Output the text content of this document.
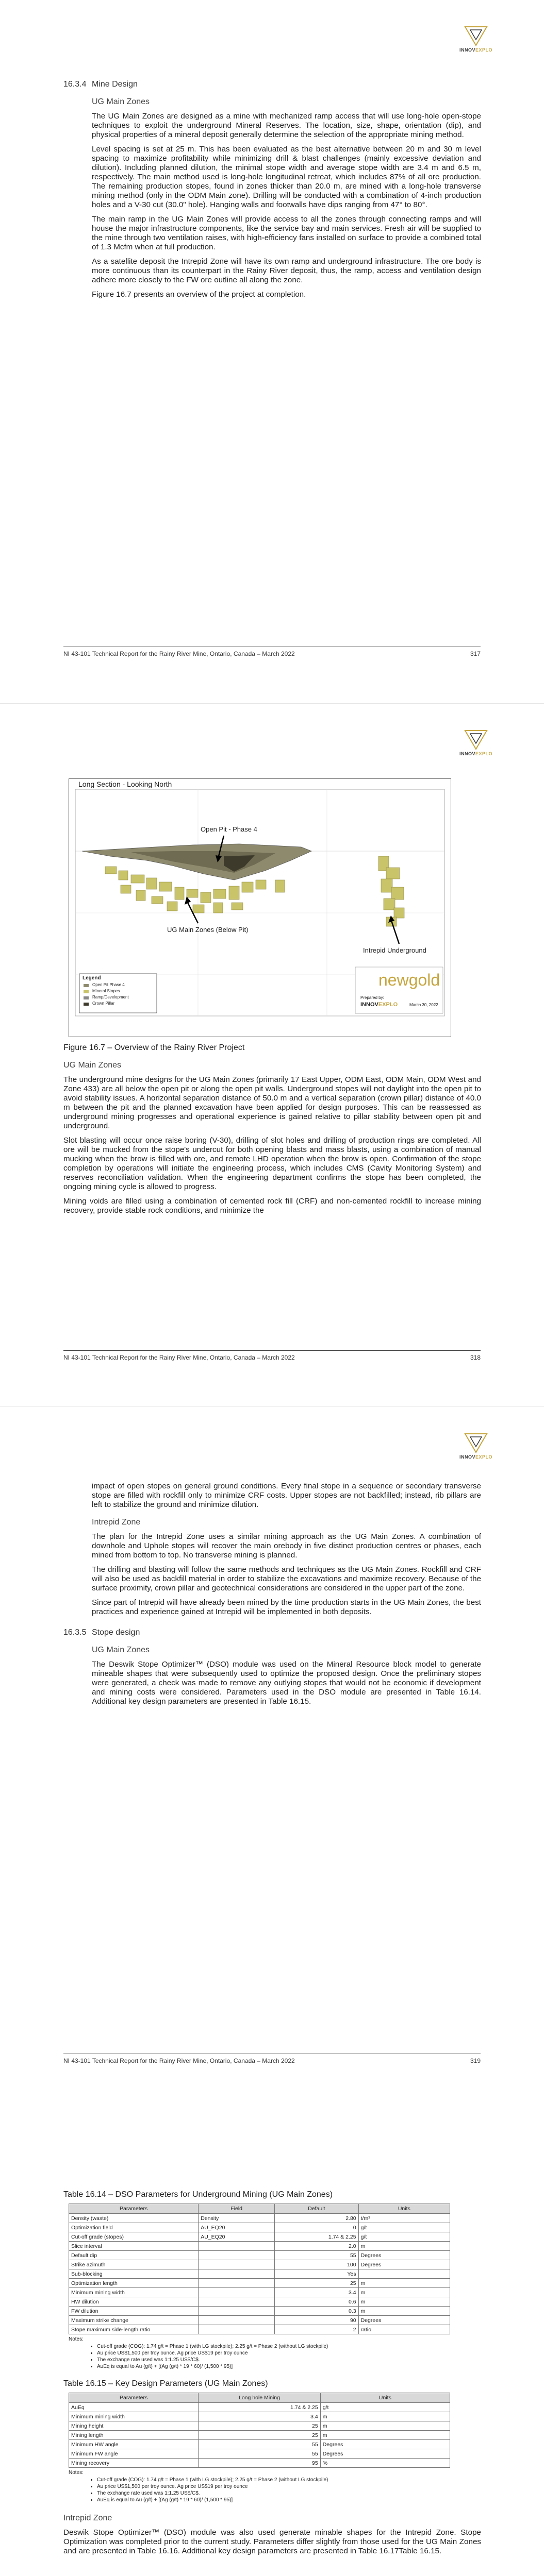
INNOVEXPLO
16.3.4 Mine Design
UG Main Zones

The UG Main Zones are designed as a mine with mechanized ramp access that will use long-hole open-stope techniques to exploit the underground Mineral Reserves. The location, size, shape, orientation (dip), and physical properties of a mineral deposit generally determine the selection of the appropriate mining method.

Level spacing is set at 25 m. This has been evaluated as the best alternative between 20 m and 30 m level spacing to maximize profitability while minimizing drill & blast challenges (mainly excessive deviation and dilution). Including planned dilution, the minimal stope width and average stope width are 3.4 m and 6.5 m, respectively. The main method used is long-hole longitudinal retreat, which includes 87% of all ore production. The remaining production stopes, found in zones thicker than 20.0 m, are mined with a long-hole transverse mining method (only in the ODM Main zone). Drilling will be conducted with a combination of 4-inch production holes and a V-30 cut (30.0" hole). Hanging walls and footwalls have dips ranging from 47° to 80°.

The main ramp in the UG Main Zones will provide access to all the zones through connecting ramps and will house the major infrastructure components, like the service bay and main services. Fresh air will be supplied to the mine through two ventilation raises, with high-efficiency fans installed on surface to provide a combined total of 1.3 Mcfm when at full production.

As a satellite deposit the Intrepid Zone will have its own ramp and underground infrastructure. The ore body is more continuous than its counterpart in the Rainy River deposit, thus, the ramp, access and ventilation design adhere more closely to the FW ore outline all along the zone.

Figure 16.7 presents an overview of the project at completion.

NI 43-101 Technical Report for the Rainy River Mine, Ontario, Canada – March 2022	317
INNOVEXPLO
Long Section - Looking North
Open Pit - Phase 4
UG Main Zones (Below Pit)
Intrepid Underground
Legend
Open Pit Phase 4
Mineral Stopes
Ramp/Development
Crown Pillar
newgold
Prepared by:
INNOVEXPLO	March 30, 2022
Figure 16.7 – Overview of the Rainy River Project
UG Main Zones

The underground mine designs for the UG Main Zones (primarily 17 East Upper, ODM East, ODM Main, ODM West and Zone 433) are all below the open pit or along the open pit walls. Underground stopes will not daylight into the open pit to avoid stability issues. A horizontal separation distance of 50.0 m and a vertical separation (crown pillar) distance of 40.0 m between the pit and the planned excavation have been applied for design purposes. This can be reassessed as underground mining progresses and operational experience is gained relative to pillar stability between open pit and underground.

Slot blasting will occur once raise boring (V-30), drilling of slot holes and drilling of production rings are completed. All ore will be mucked from the stope's undercut for both opening blasts and mass blasts, using a combination of manual mucking when the brow is filled with ore, and remote LHD operation when the brow is open. Confirmation of the stope completion by operations will initiate the engineering process, which includes CMS (Cavity Monitoring System) and reserves reconciliation validation. When the engineering department confirms the stope has been completed, the ongoing mining cycle is allowed to progress.

Mining voids are filled using a combination of cemented rock fill (CRF) and non-cemented rockfill to increase mining recovery, provide stable rock conditions, and minimize the

NI 43-101 Technical Report for the Rainy River Mine, Ontario, Canada – March 2022	318
INNOVEXPLO

impact of open stopes on general ground conditions. Every final stope in a sequence or secondary transverse stope are filled with rockfill only to minimize CRF costs. Upper stopes are not backfilled; instead, rib pillars are left to stabilize the ground and minimize dilution.

Intrepid Zone

The plan for the Intrepid Zone uses a similar mining approach as the UG Main Zones. A combination of downhole and Uphole stopes will recover the main orebody in five distinct production centres or phases, each mined from bottom to top. No transverse mining is planned.

The drilling and blasting will follow the same methods and techniques as the UG Main Zones. Rockfill and CRF will also be used as backfill material in order to stabilize the excavations and maximize recovery. Because of the surface proximity, crown pillar and geotechnical considerations are considered in the upper part of the zone.

Since part of Intrepid will have already been mined by the time production starts in the UG Main Zones, the best practices and experience gained at Intrepid will be implemented in both deposits.

16.3.5 Stope design
UG Main Zones

The Deswik Stope Optimizer™ (DSO) module was used on the Mineral Resource block model to generate mineable shapes that were subsequently used to optimize the proposed design. Once the preliminary stopes were generated, a check was made to remove any outlying stopes that would not be economic if development and mining costs were considered. Parameters used in the DSO module are presented in Table 16.14. Additional key design parameters are presented in Table 16.15.

NI 43-101 Technical Report for the Rainy River Mine, Ontario, Canada – March 2022	319
Table 16.14 – DSO Parameters for Underground Mining (UG Main Zones)
Parameters	Field	Default	Units
Density (waste)	Density	2.80	t/m³
Optimization field	AU_EQ20	0	g/t
Cut-off grade (stopes)	AU_EQ20	1.74 & 2.25	g/t
Slice interval		2.0	m
Default dip		55	Degrees
Strike azimuth		100	Degrees
Sub-blocking		Yes	
Optimization length		25	m
Minimum mining width		3.4	m
HW dilution		0.6	m
FW dilution		0.3	m
Maximum strike change		90	Degrees
Stope maximum side-length ratio		2	ratio
Notes:
• Cut-off grade (COG): 1.74 g/t = Phase 1 (with LG stockpile); 2.25 g/t = Phase 2 (without LG stockpile)
• Au price US$1,500 per troy ounce. Ag price US$19 per troy ounce
• The exchange rate used was 1:1.25 US$/C$.
• AuEq is equal to Au (g/t) + [(Ag (g/t) * 19 * 60)/ (1,500 * 95)]
Table 16.15 – Key Design Parameters (UG Main Zones)
Parameters	Long hole Mining	Units
AuEq	1.74 & 2.25	g/t
Minimum mining width	3.4	m
Mining height	25	m
Mining length	25	m
Minimum HW angle	55	Degrees
Minimum FW angle	55	Degrees
Mining recovery	95	%
Notes:
• Cut-off grade (COG): 1.74 g/t = Phase 1 (with LG stockpile); 2.25 g/t = Phase 2 (without LG stockpile)
• Au price US$1,500 per troy ounce. Ag price US$19 per troy ounce
• The exchange rate used was 1:1.25 US$/C$.
• AuEq is equal to Au (g/t) + [(Ag (g/t) * 19 * 60)/ (1,500 * 95)]
Intrepid Zone

Deswik Stope Optimizer™ (DSO) module was also used generate minable shapes for the Intrepid Zone. Stope Optimization was completed prior to the current study. Parameters differ slightly from those used for the UG Main Zones and are presented in Table 16.16. Additional key design parameters are presented in Table 16.17Table 16.15.
